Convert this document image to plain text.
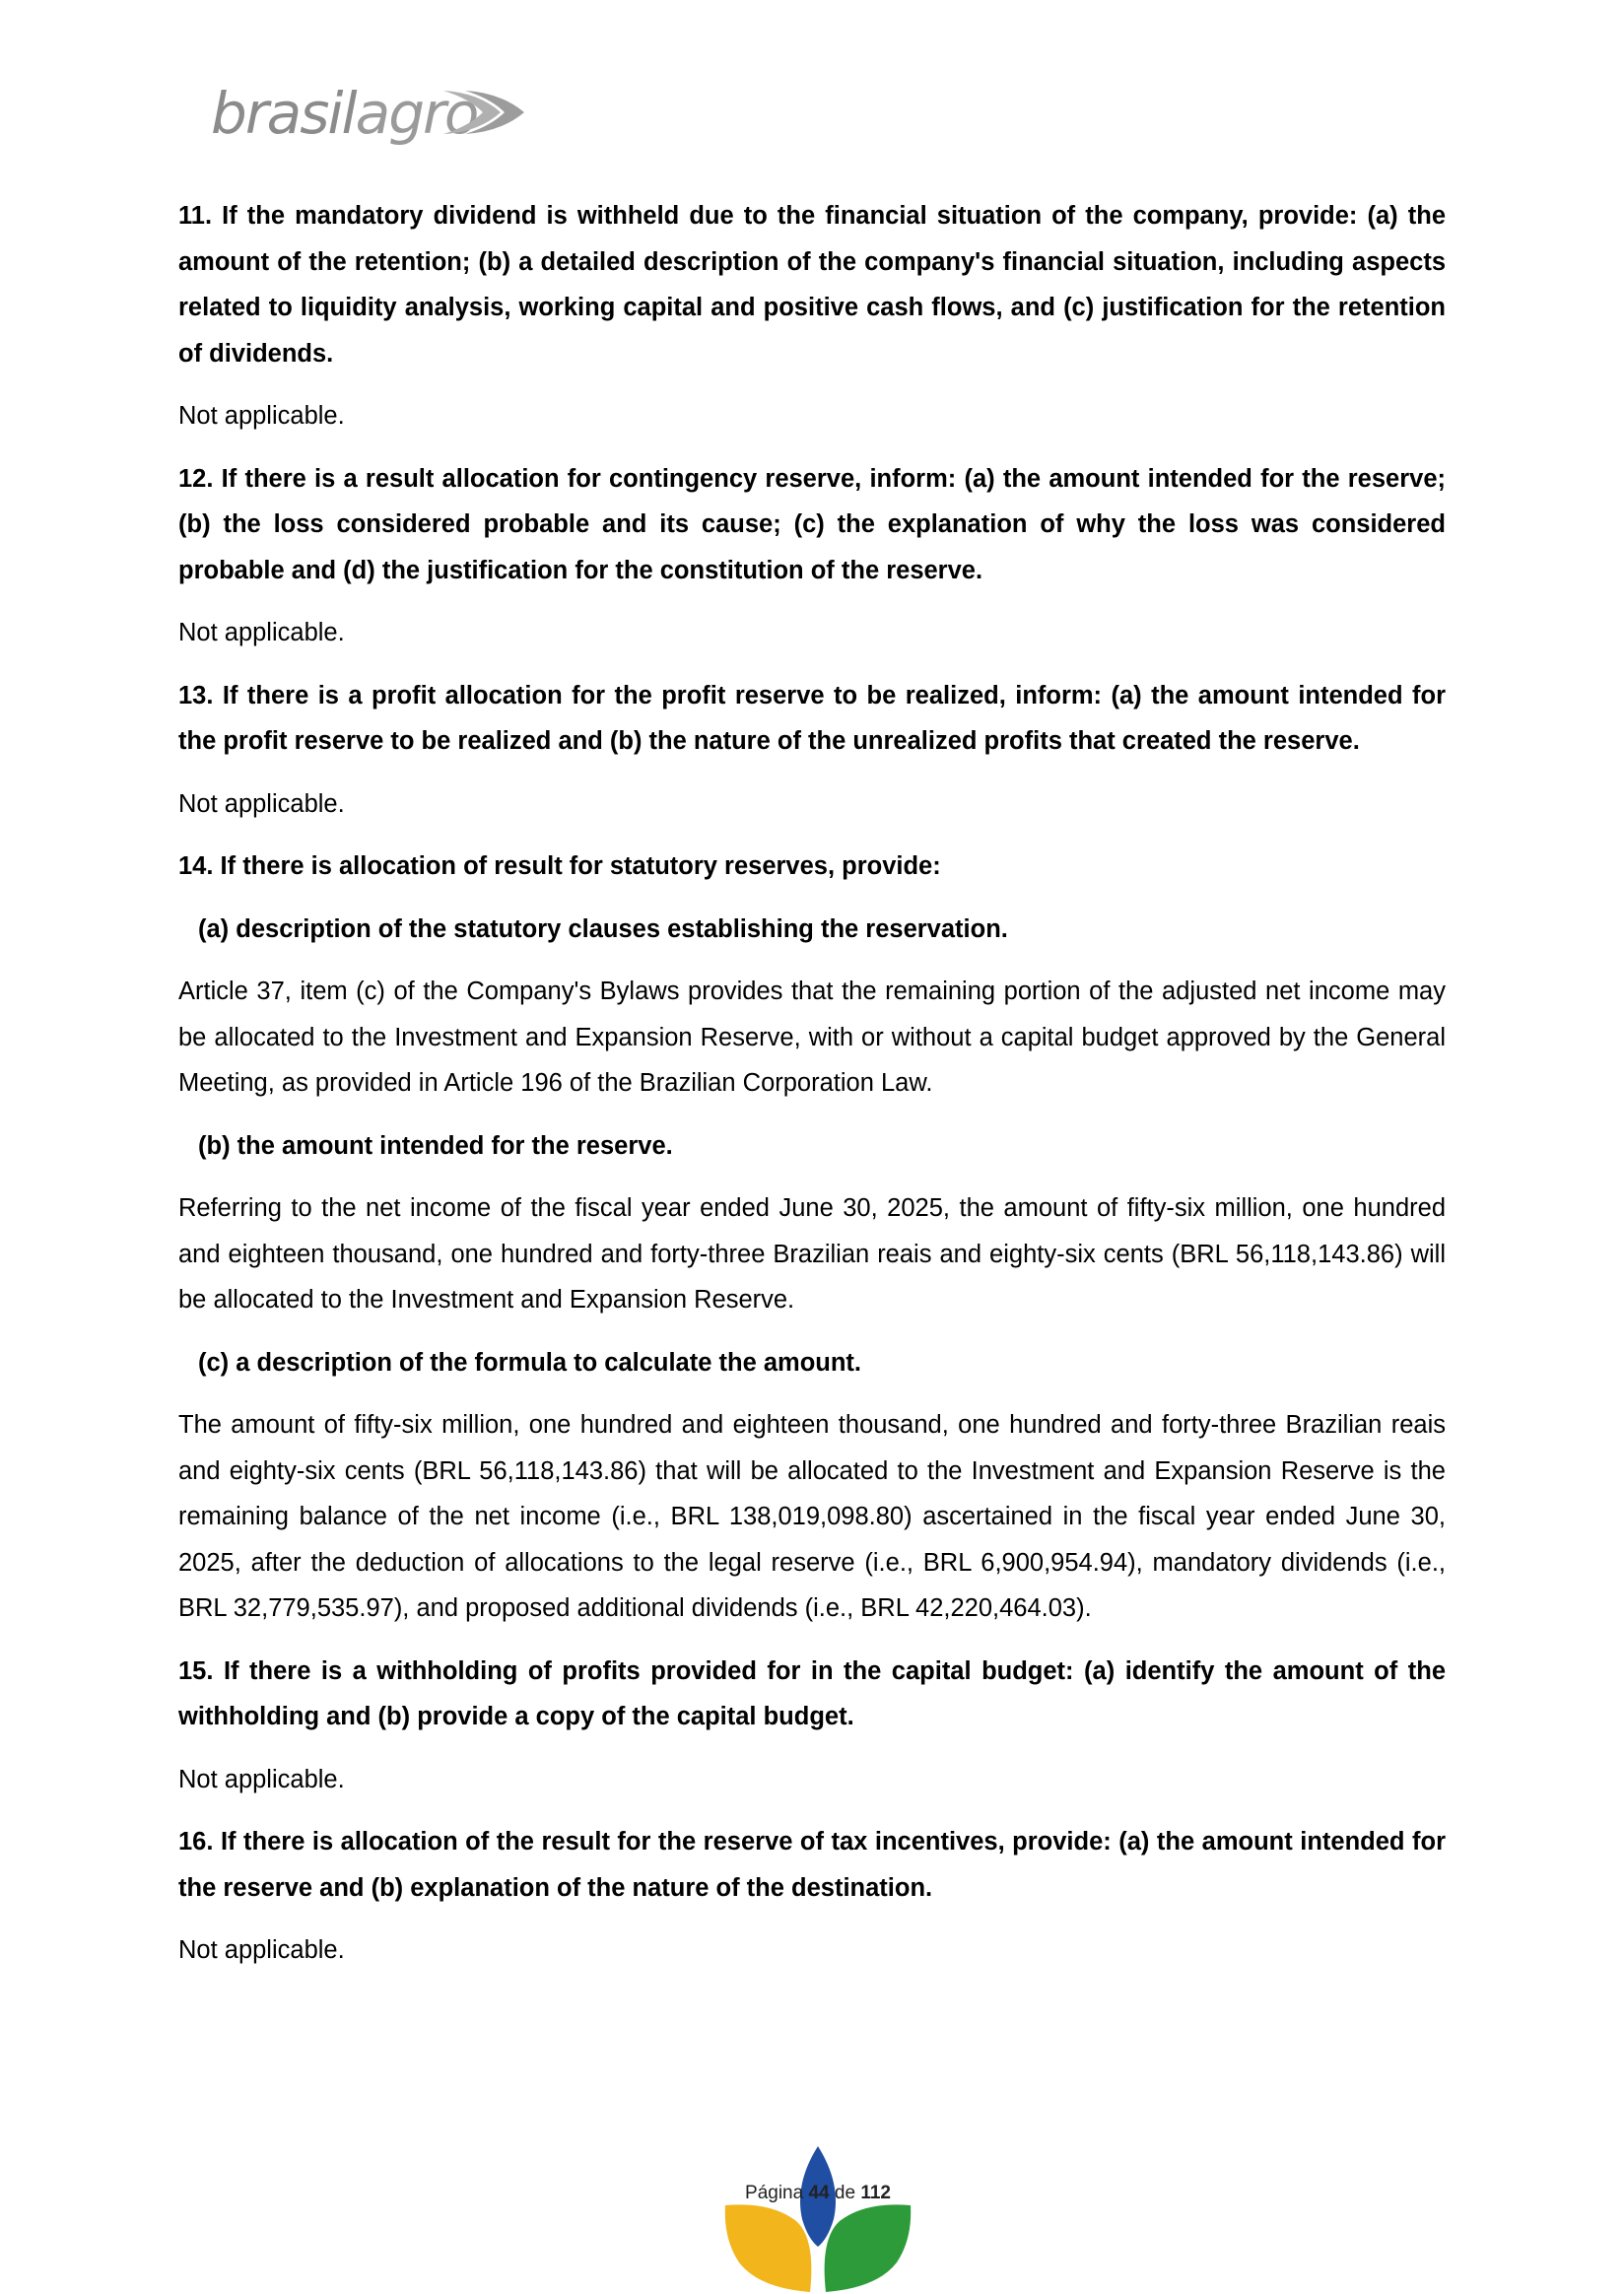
brasilagro

11. If the mandatory dividend is withheld due to the financial situation of the company, provide: (a) the amount of the retention; (b) a detailed description of the company's financial situation, including aspects related to liquidity analysis, working capital and positive cash flows, and (c) justification for the retention of dividends.

Not applicable.

12. If there is a result allocation for contingency reserve, inform: (a) the amount intended for the reserve; (b) the loss considered probable and its cause; (c) the explanation of why the loss was considered probable and (d) the justification for the constitution of the reserve.

Not applicable.

13. If there is a profit allocation for the profit reserve to be realized, inform: (a) the amount intended for the profit reserve to be realized and (b) the nature of the unrealized profits that created the reserve.

Not applicable.

14. If there is allocation of result for statutory reserves, provide:

(a) description of the statutory clauses establishing the reservation.

Article 37, item (c) of the Company's Bylaws provides that the remaining portion of the adjusted net income may be allocated to the Investment and Expansion Reserve, with or without a capital budget approved by the General Meeting, as provided in Article 196 of the Brazilian Corporation Law.

(b) the amount intended for the reserve.

Referring to the net income of the fiscal year ended June 30, 2025, the amount of fifty-six million, one hundred and eighteen thousand, one hundred and forty-three Brazilian reais and eighty-six cents (BRL 56,118,143.86) will be allocated to the Investment and Expansion Reserve.

(c) a description of the formula to calculate the amount.

The amount of fifty-six million, one hundred and eighteen thousand, one hundred and forty-three Brazilian reais and eighty-six cents (BRL 56,118,143.86) that will be allocated to the Investment and Expansion Reserve is the remaining balance of the net income (i.e., BRL 138,019,098.80) ascertained in the fiscal year ended June 30, 2025, after the deduction of allocations to the legal reserve (i.e., BRL 6,900,954.94), mandatory dividends (i.e., BRL 32,779,535.97), and proposed additional dividends (i.e., BRL 42,220,464.03).

15. If there is a withholding of profits provided for in the capital budget: (a) identify the amount of the withholding and (b) provide a copy of the capital budget.

Not applicable.

16. If there is allocation of the result for the reserve of tax incentives, provide: (a) the amount intended for the reserve and (b) explanation of the nature of the destination.

Not applicable.

Página 44 de 112
